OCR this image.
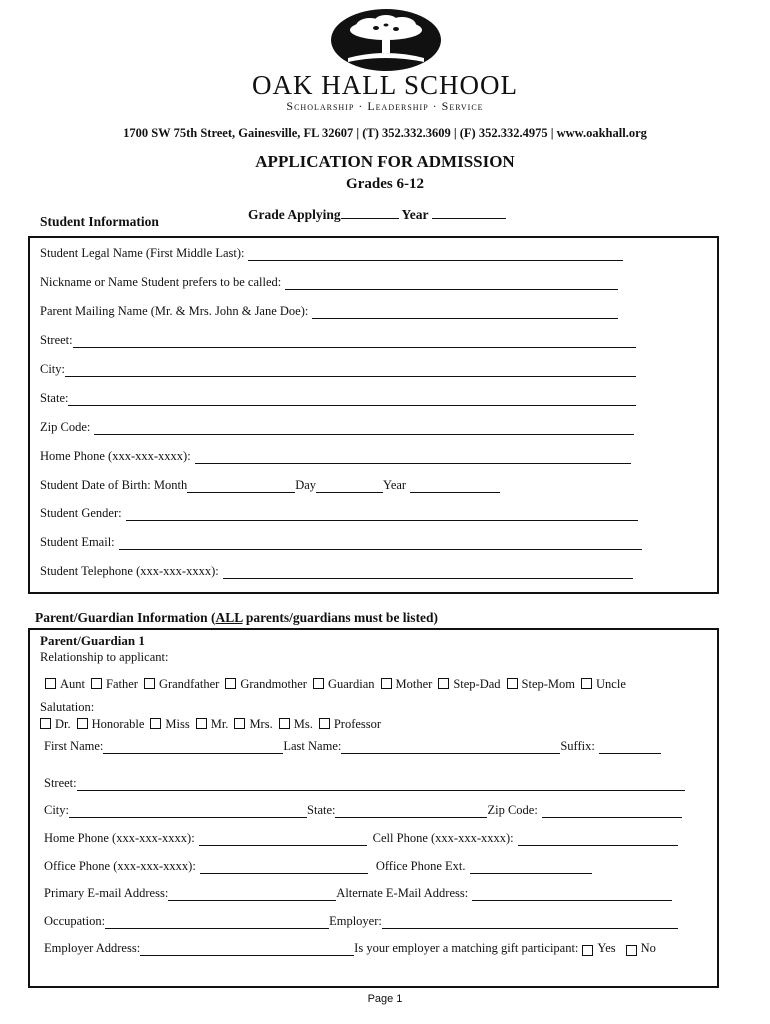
OAK HALL SCHOOL
Scholarship · Leadership · Service
1700 SW 75th Street, Gainesville, FL 32607 | (T) 352.332.3609 | (F) 352.332.4975 | www.oakhall.org
APPLICATION FOR ADMISSION
Grades 6-12
Grade Applying	Year
Student Information
Student Legal Name (First Middle Last):
Nickname or Name Student prefers to be called:
Parent Mailing Name (Mr. & Mrs. John & Jane Doe):
Street:
City:
State:
Zip Code:
Home Phone (xxx-xxx-xxxx):
Student Date of Birth: Month	Day	Year
Student Gender:
Student Email:
Student Telephone (xxx-xxx-xxxx):
Parent/Guardian Information (ALL parents/guardians must be listed)
Parent/Guardian 1
Relationship to applicant:
Aunt	Father	Grandfather	Grandmother	Guardian	Mother	Step-Dad	Step-Mom	Uncle
Salutation:
Dr.	Honorable	Miss	Mr.	Mrs.	Ms.	Professor
First Name:	Last Name:	Suffix:
Street:
City:	State:	Zip Code:
Home Phone (xxx-xxx-xxxx):	Cell Phone (xxx-xxx-xxxx):
Office Phone (xxx-xxx-xxxx):	Office Phone Ext.
Primary E-mail Address:	Alternate E-Mail Address:
Occupation:	Employer:
Employer Address:	Is your employer a matching gift participant: Yes No
Page 1
